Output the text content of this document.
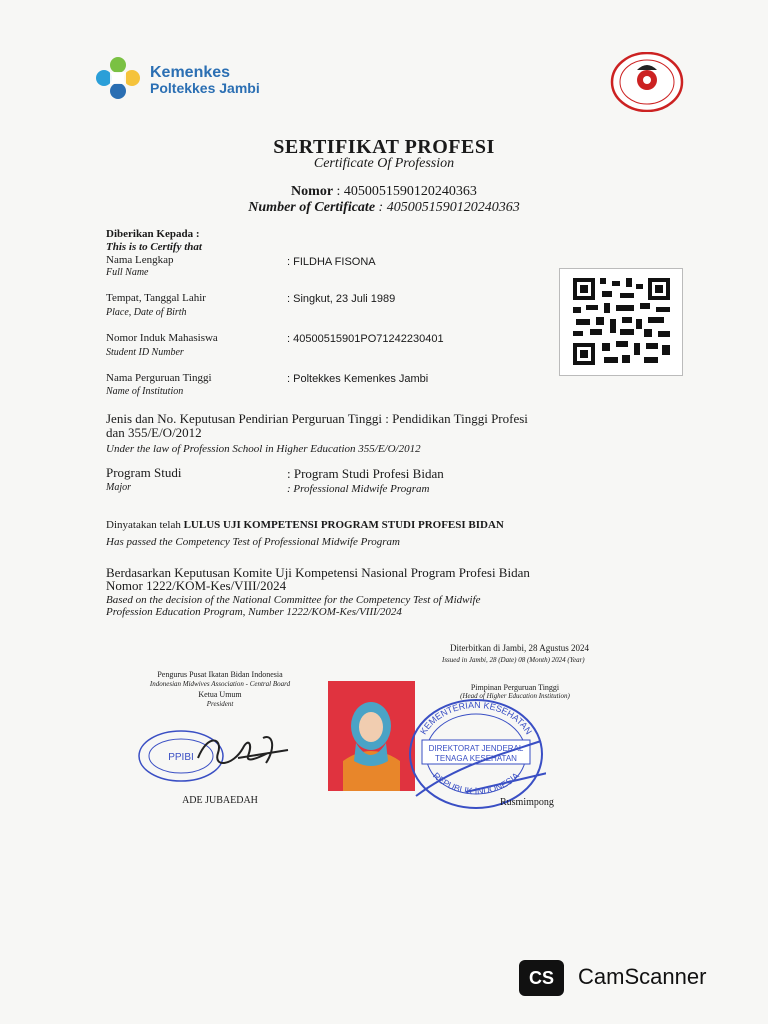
Kemenkes
Poltekkes Jambi
SERTIFIKAT PROFESI
Certificate Of Profession
Nomor : 4050051590120240363
Number of Certificate : 4050051590120240363
Diberikan Kepada :
This is to Certify that
Nama Lengkap
Full Name
: FILDHA FISONA
Tempat, Tanggal Lahir
Place, Date of Birth
: Singkut, 23 Juli 1989
Nomor Induk Mahasiswa
Student ID Number
: 40500515901PO71242230401
Nama Perguruan Tinggi
Name of Institution
: Poltekkes Kemenkes Jambi
Jenis dan No. Keputusan Pendirian Perguruan Tinggi : Pendidikan Tinggi Profesi
dan 355/E/O/2012
Under the law of Profession School in Higher Education 355/E/O/2012
Program Studi
Major
: Program Studi Profesi Bidan
: Professional Midwife Program
Dinyatakan telah LULUS UJI KOMPETENSI PROGRAM STUDI PROFESI BIDAN
Has passed the Competency Test of Professional Midwife Program
Berdasarkan Keputusan Komite Uji Kompetensi Nasional Program Profesi Bidan
Nomor 1222/KOM-Kes/VIII/2024
Based on the decision of the National Committee for the Competency Test of Midwife
Profession Education Program, Number 1222/KOM-Kes/VIII/2024
Diterbitkan di Jambi, 28 Agustus 2024
Issued in Jambi, 28 (Date) 08 (Month) 2024 (Year)
Pengurus Pusat Ikatan Bidan Indonesia
Indonesian Midwives Association - Central Board
Ketua Umum
President
PPIBI
ADE JUBAEDAH
Pimpinan Perguruan Tinggi
(Head of Higher Education Institution)
KEMENTERIAN KESEHATAN
REPUBLIK INDONESIA
DIREKTORAT JENDERAL
TENAGA KESEHATAN
Rusmimpong
CS	CamScanner
